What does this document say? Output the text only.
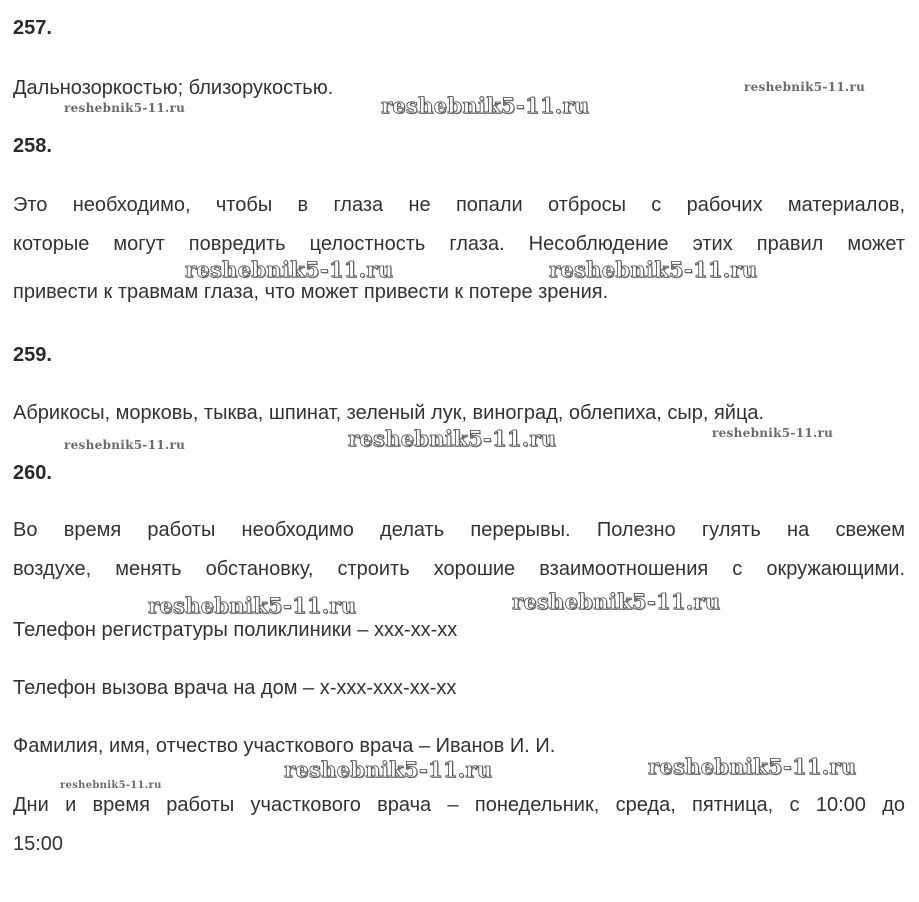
257.
Дальнозоркостью; близорукостью.
258.
Это необходимо, чтобы в глаза не попали отбросы с рабочих материалов,
которые могут повредить целостность глаза. Несоблюдение этих правил может
привести к травмам глаза, что может привести к потере зрения.
259.
Абрикосы, морковь, тыква, шпинат, зеленый лук, виноград, облепиха, сыр, яйца.
260.
Во время работы необходимо делать перерывы. Полезно гулять на свежем
воздухе, менять обстановку, строить хорошие взаимоотношения с окружающими.
Телефон регистратуры поликлиники – xxx-xx-xx
Телефон вызова врача на дом – x-xxx-xxx-xx-xx
Фамилия, имя, отчество участкового врача – Иванов И. И.
Дни и время работы участкового врача – понедельник, среда, пятница, с 10:00 до
15:00
reshebnik5-11.ru
reshebnik5-11.ru	reshebnik5-11.ru
reshebnik5-11.ru	reshebnik5-11.ru
reshebnik5-11.ru	reshebnik5-11.ru	reshebnik5-11.ru
reshebnik5-11.ru	reshebnik5-11.ru
reshebnik5-11.ru
reshebnik5-11.ru	reshebnik5-11.ru
